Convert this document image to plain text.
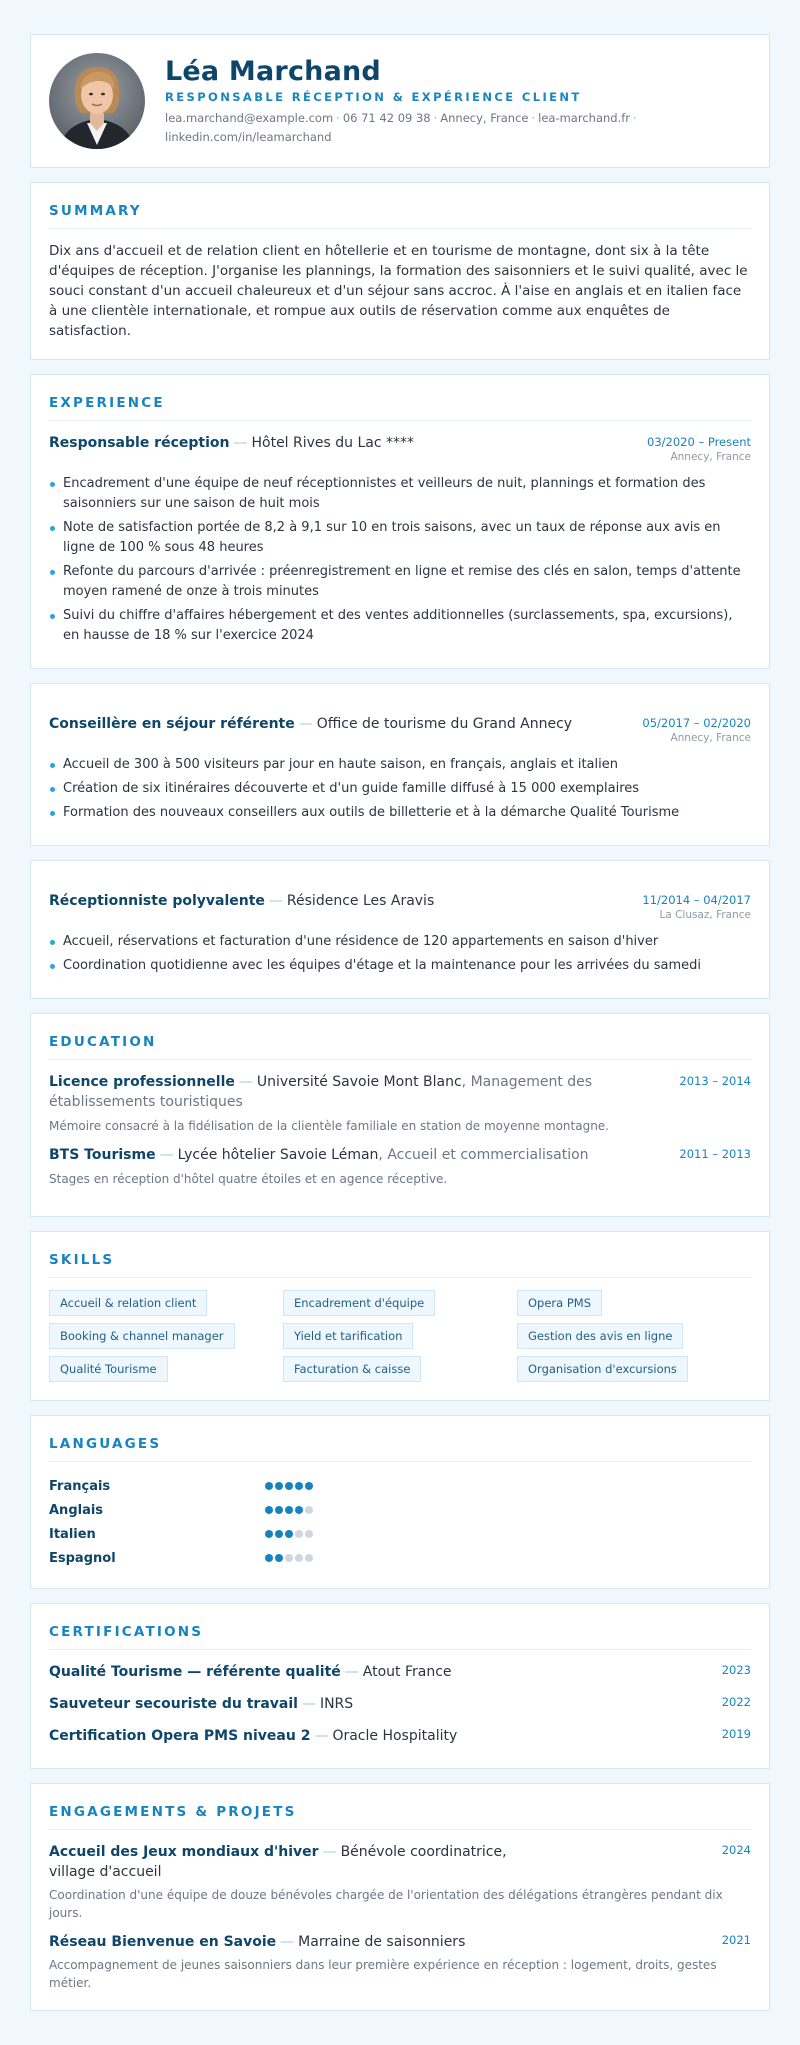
Léa Marchand
RESPONSABLE RÉCEPTION & EXPÉRIENCE CLIENT
lea.marchand@example.com · 06 71 42 09 38 · Annecy, France · lea-marchand.fr ·
linkedin.com/in/leamarchand
SUMMARY

Dix ans d'accueil et de relation client en hôtellerie et en tourisme de montagne, dont six à la tête d'équipes de réception. J'organise les plannings, la formation des saisonniers et le suivi qualité, avec le souci constant d'un accueil chaleureux et d'un séjour sans accroc. À l'aise en anglais et en italien face à une clientèle internationale, et rompue aux outils de réservation comme aux enquêtes de satisfaction.

EXPERIENCE
Responsable réception — Hôtel Rives du Lac ****	03/2020 – Present
Annecy, France
Encadrement d'une équipe de neuf réceptionnistes et veilleurs de nuit, plannings et formation des saisonniers sur une saison de huit mois
Note de satisfaction portée de 8,2 à 9,1 sur 10 en trois saisons, avec un taux de réponse aux avis en ligne de 100 % sous 48 heures
Refonte du parcours d'arrivée : préenregistrement en ligne et remise des clés en salon, temps d'attente moyen ramené de onze à trois minutes
Suivi du chiffre d'affaires hébergement et des ventes additionnelles (surclassements, spa, excursions), en hausse de 18 % sur l'exercice 2024
Conseillère en séjour référente — Office de tourisme du Grand Annecy	05/2017 – 02/2020
Annecy, France
Accueil de 300 à 500 visiteurs par jour en haute saison, en français, anglais et italien
Création de six itinéraires découverte et d'un guide famille diffusé à 15 000 exemplaires
Formation des nouveaux conseillers aux outils de billetterie et à la démarche Qualité Tourisme
Réceptionniste polyvalente — Résidence Les Aravis	11/2014 – 04/2017
La Clusaz, France
Accueil, réservations et facturation d'une résidence de 120 appartements en saison d'hiver
Coordination quotidienne avec les équipes d'étage et la maintenance pour les arrivées du samedi
EDUCATION
Licence professionnelle — Université Savoie Mont Blanc, Management des établissements touristiques
2013 – 2014
Mémoire consacré à la fidélisation de la clientèle familiale en station de moyenne montagne.
BTS Tourisme — Lycée hôtelier Savoie Léman, Accueil et commercialisation	2011 – 2013
Stages en réception d'hôtel quatre étoiles et en agence réceptive.
SKILLS
Accueil & relation client	Encadrement d'équipe	Opera PMS
Booking & channel manager	Yield et tarification	Gestion des avis en ligne
Qualité Tourisme	Facturation & caisse	Organisation d'excursions
LANGUAGES
Français
Anglais
Italien
Espagnol
CERTIFICATIONS
Qualité Tourisme — référente qualité — Atout France	2023
Sauveteur secouriste du travail — INRS	2022
Certification Opera PMS niveau 2 — Oracle Hospitality	2019
ENGAGEMENTS & PROJETS
Accueil des Jeux mondiaux d'hiver — Bénévole coordinatrice, village d'accueil
2024
Coordination d'une équipe de douze bénévoles chargée de l'orientation des délégations étrangères pendant dix jours.
Réseau Bienvenue en Savoie — Marraine de saisonniers	2021
Accompagnement de jeunes saisonniers dans leur première expérience en réception : logement, droits, gestes métier.
